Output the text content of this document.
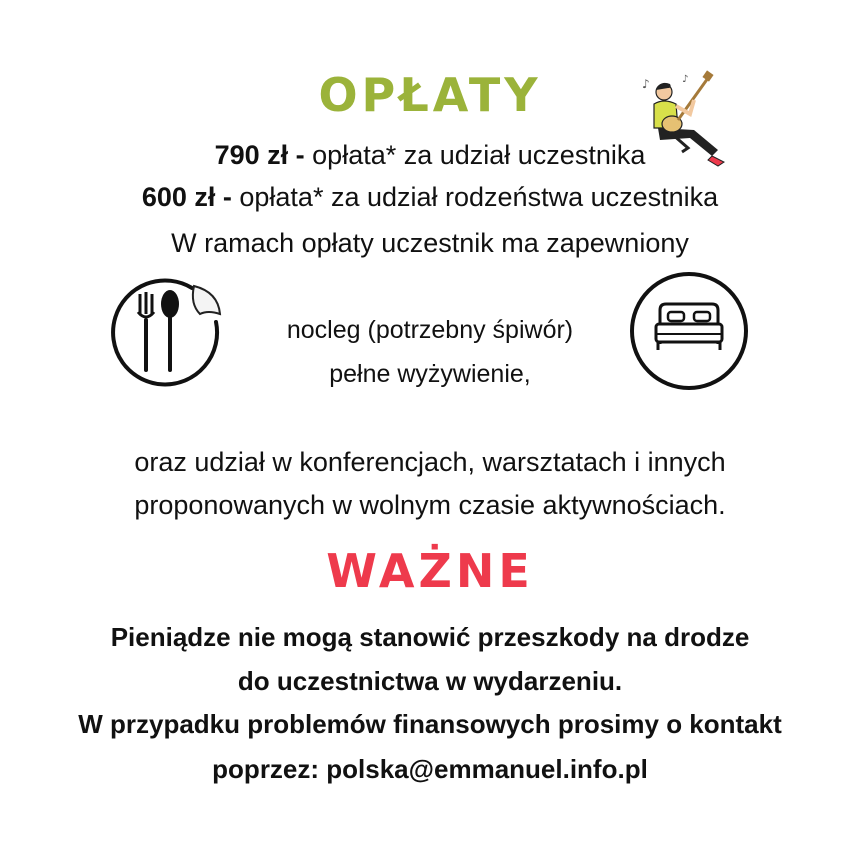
OPŁATY	♪	♪
790 zł - opłata* za udział uczestnika
600 zł - opłata* za udział rodzeństwa uczestnika
W ramach opłaty uczestnik ma zapewniony
nocleg (potrzebny śpiwór)
pełne wyżywienie,
oraz udział w konferencjach, warsztatach i innych
proponowanych w wolnym czasie aktywnościach.
WAŻNE
Pieniądze nie mogą stanowić przeszkody na drodze
do uczestnictwa w wydarzeniu.
W przypadku problemów finansowych prosimy o kontakt
poprzez: polska@emmanuel.info.pl
